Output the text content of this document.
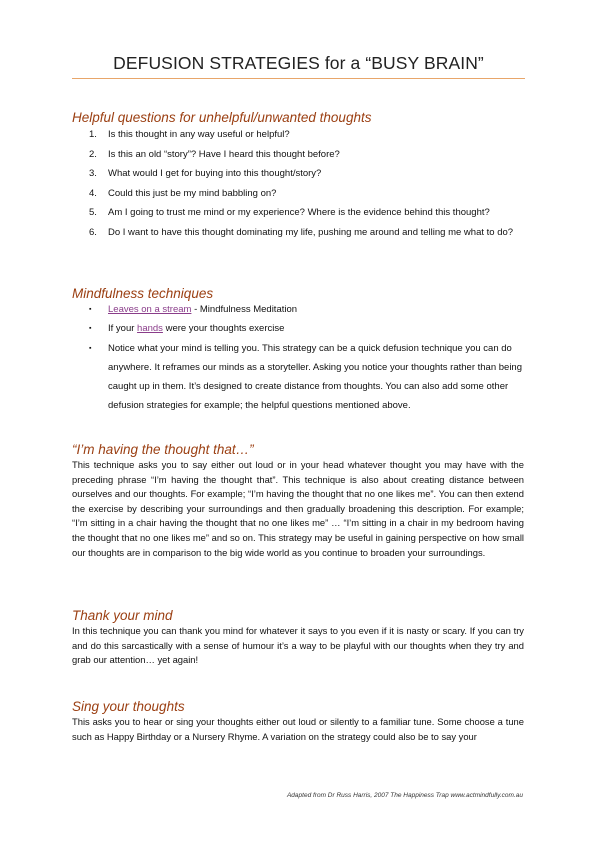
DEFUSION STRATEGIES for a “BUSY BRAIN”
Helpful questions for unhelpful/unwanted thoughts
1. Is this thought in any way useful or helpful?
2. Is this an old “story”? Have I heard this thought before?
3. What would I get for buying into this thought/story?
4. Could this just be my mind babbling on?
5. Am I going to trust me mind or my experience? Where is the evidence behind this thought?
6. Do I want to have this thought dominating my life, pushing me around and telling me what to do?
Mindfulness techniques
▪ Leaves on a stream - Mindfulness Meditation
▪ If your hands were your thoughts exercise
▪ Notice what your mind is telling you. This strategy can be a quick defusion technique you can do anywhere. It reframes our minds as a storyteller. Asking you notice your thoughts rather than being caught up in them. It’s designed to create distance from thoughts. You can also add some other defusion strategies for example; the helpful questions mentioned above.
“I’m having the thought that…”
This technique asks you to say either out loud or in your head whatever thought you may have with the preceding phrase “I’m having the thought that”. This technique is also about creating distance between ourselves and our thoughts. For example; “I’m having the thought that no one likes me”. You can then extend the exercise by describing your surroundings and then gradually broadening this description. For example; “I’m sitting in a chair having the thought that no one likes me” … “I’m sitting in a chair in my bedroom having the thought that no one likes me” and so on. This strategy may be useful in gaining perspective on how small our thoughts are in comparison to the big wide world as you continue to broaden your surroundings.
Thank your mind
In this technique you can thank you mind for whatever it says to you even if it is nasty or scary. If you can try and do this sarcastically with a sense of humour it’s a way to be playful with our thoughts when they try and grab our attention… yet again!
Sing your thoughts
This asks you to hear or sing your thoughts either out loud or silently to a familiar tune. Some choose a tune such as Happy Birthday or a Nursery Rhyme. A variation on the strategy could also be to say your
Adapted from Dr Russ Harris, 2007 The Happiness Trap www.actmindfully.com.au
